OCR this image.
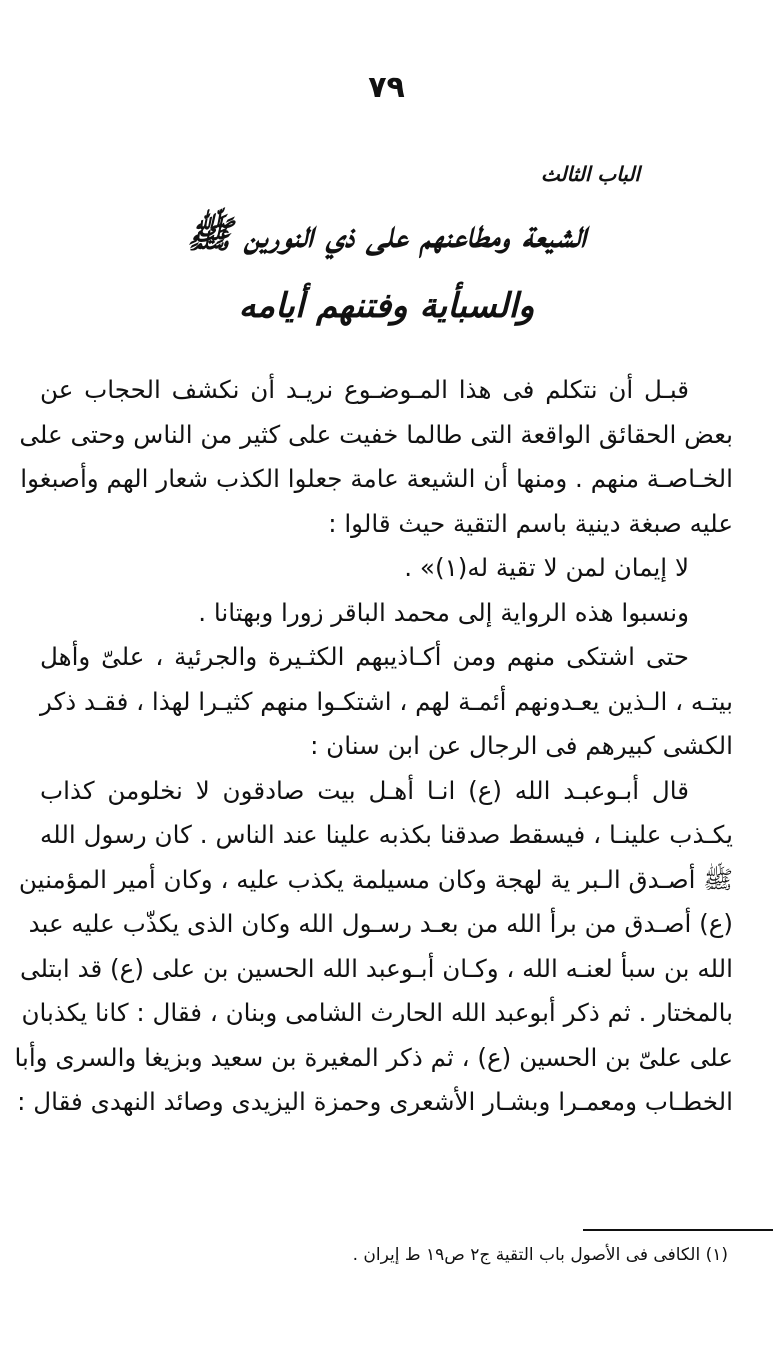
٧٩
الباب الثالث
الشيعة ومطاعنهم على ذي النورين ﷺ
والسبأية وفتنهم أيامه
قبـل أن نتكلم فى هذا المـوضـوع نريـد أن نكشف الحجاب عن
بعض الحقائق الواقعة التى طالما خفيت على كثير من الناس وحتى على
الخـاصـة منهم . ومنها أن الشيعة عامة جعلوا الكذب شعار الهم وأصبغوا
عليه صبغة دينية باسم التقية حيث قالوا :
لا إيمان لمن لا تقية له(١)» .
ونسبوا هذه الرواية إلى محمد الباقر زورا وبهتانا .
حتى اشتكى منهم ومن أكـاذيبهم الكثـيرة والجرئية ، علىّ وأهل
بيتـه ، الـذين يعـدونهم أئمـة لهم ، اشتكـوا منهم كثيـرا لهذا ، فقـد ذكر
الكشى كبيرهم فى الرجال عن ابن سنان :
قال أبـوعبـد الله (ع) انـا أهـل بيت صادقون لا نخلومن كذاب
يكـذب علينـا ، فيسقط صدقنا بكذبه علينا عند الناس . كان رسول الله
ﷺ أصـدق الـبر ية لهجة وكان مسيلمة يكذب عليه ، وكان أمير المؤمنين
(ع) أصـدق من برأ الله من بعـد رسـول الله وكان الذى يكذّب عليه عبد
الله بن سبأ لعنـه الله ، وكـان أبـوعبد الله الحسين بن على (ع) قد ابتلى
بالمختار . ثم ذكر أبوعبد الله الحارث الشامى وبنان ، فقال : كانا يكذبان
على علىّ بن الحسين (ع) ، ثم ذكر المغيرة بن سعيد وبزيغا والسرى وأبا
الخطـاب ومعمـرا وبشـار الأشعرى وحمزة اليزيدى وصائد النهدى فقال :
(١) الكافى فى الأصول باب التقية ج٢ ص١٩ ط إيران .
